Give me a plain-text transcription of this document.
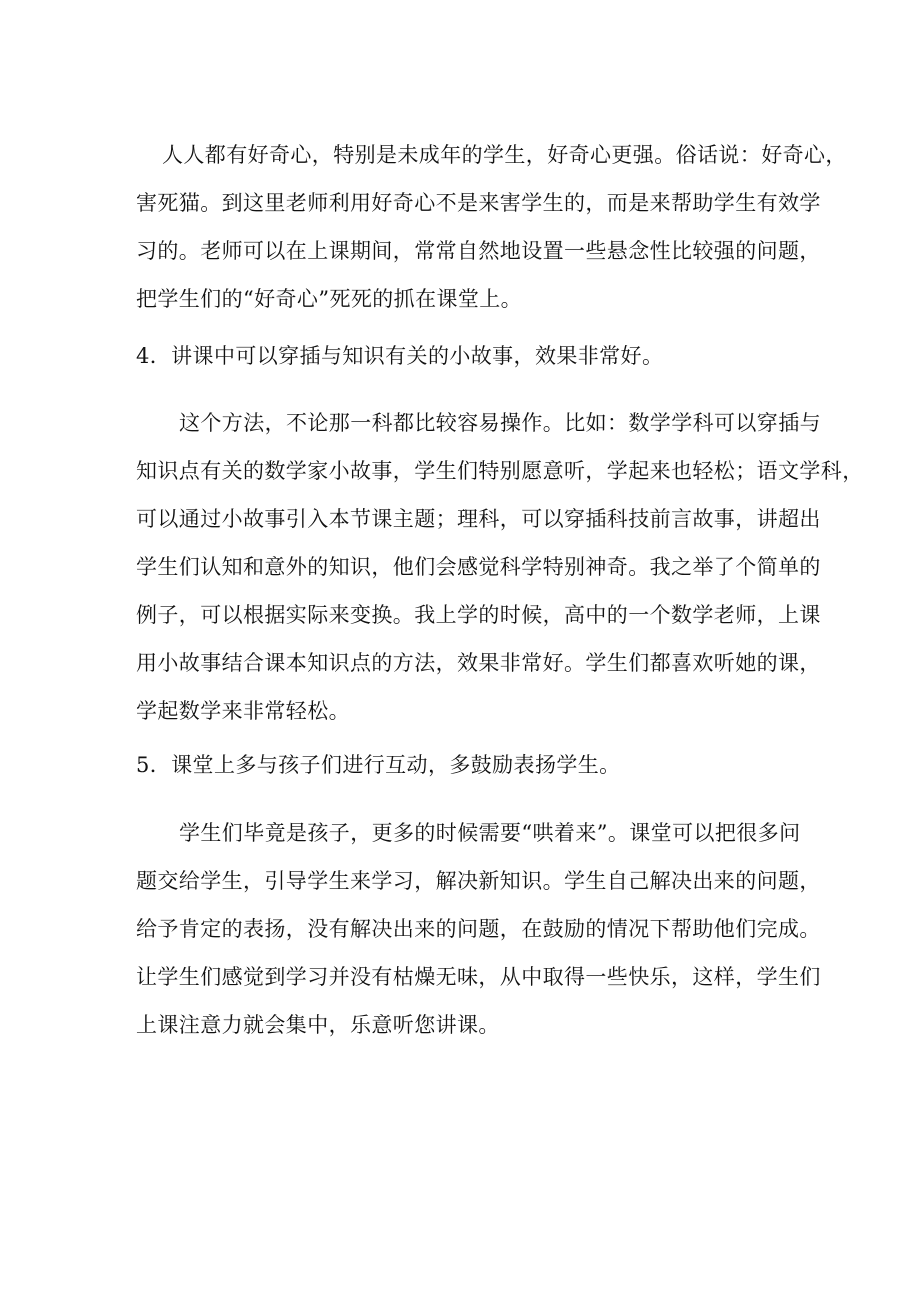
人人都有好奇心，特别是未成年的学生，好奇心更强。俗话说：好奇心，
害死猫。到这里老师利用好奇心不是来害学生的，而是来帮助学生有效学
习的。老师可以在上课期间，常常自然地设置一些悬念性比较强的问题，
把学生们的“好奇心”死死的抓在课堂上。
4．讲课中可以穿插与知识有关的小故事，效果非常好。
这个方法，不论那一科都比较容易操作。比如：数学学科可以穿插与
知识点有关的数学家小故事，学生们特别愿意听，学起来也轻松；语文学科，
可以通过小故事引入本节课主题；理科，可以穿插科技前言故事，讲超出
学生们认知和意外的知识，他们会感觉科学特别神奇。我之举了个简单的
例子，可以根据实际来变换。我上学的时候，高中的一个数学老师，上课
用小故事结合课本知识点的方法，效果非常好。学生们都喜欢听她的课，
学起数学来非常轻松。
5．课堂上多与孩子们进行互动，多鼓励表扬学生。
学生们毕竟是孩子，更多的时候需要“哄着来”。课堂可以把很多问
题交给学生，引导学生来学习，解决新知识。学生自己解决出来的问题，
给予肯定的表扬，没有解决出来的问题，在鼓励的情况下帮助他们完成。
让学生们感觉到学习并没有枯燥无味，从中取得一些快乐，这样，学生们
上课注意力就会集中，乐意听您讲课。
